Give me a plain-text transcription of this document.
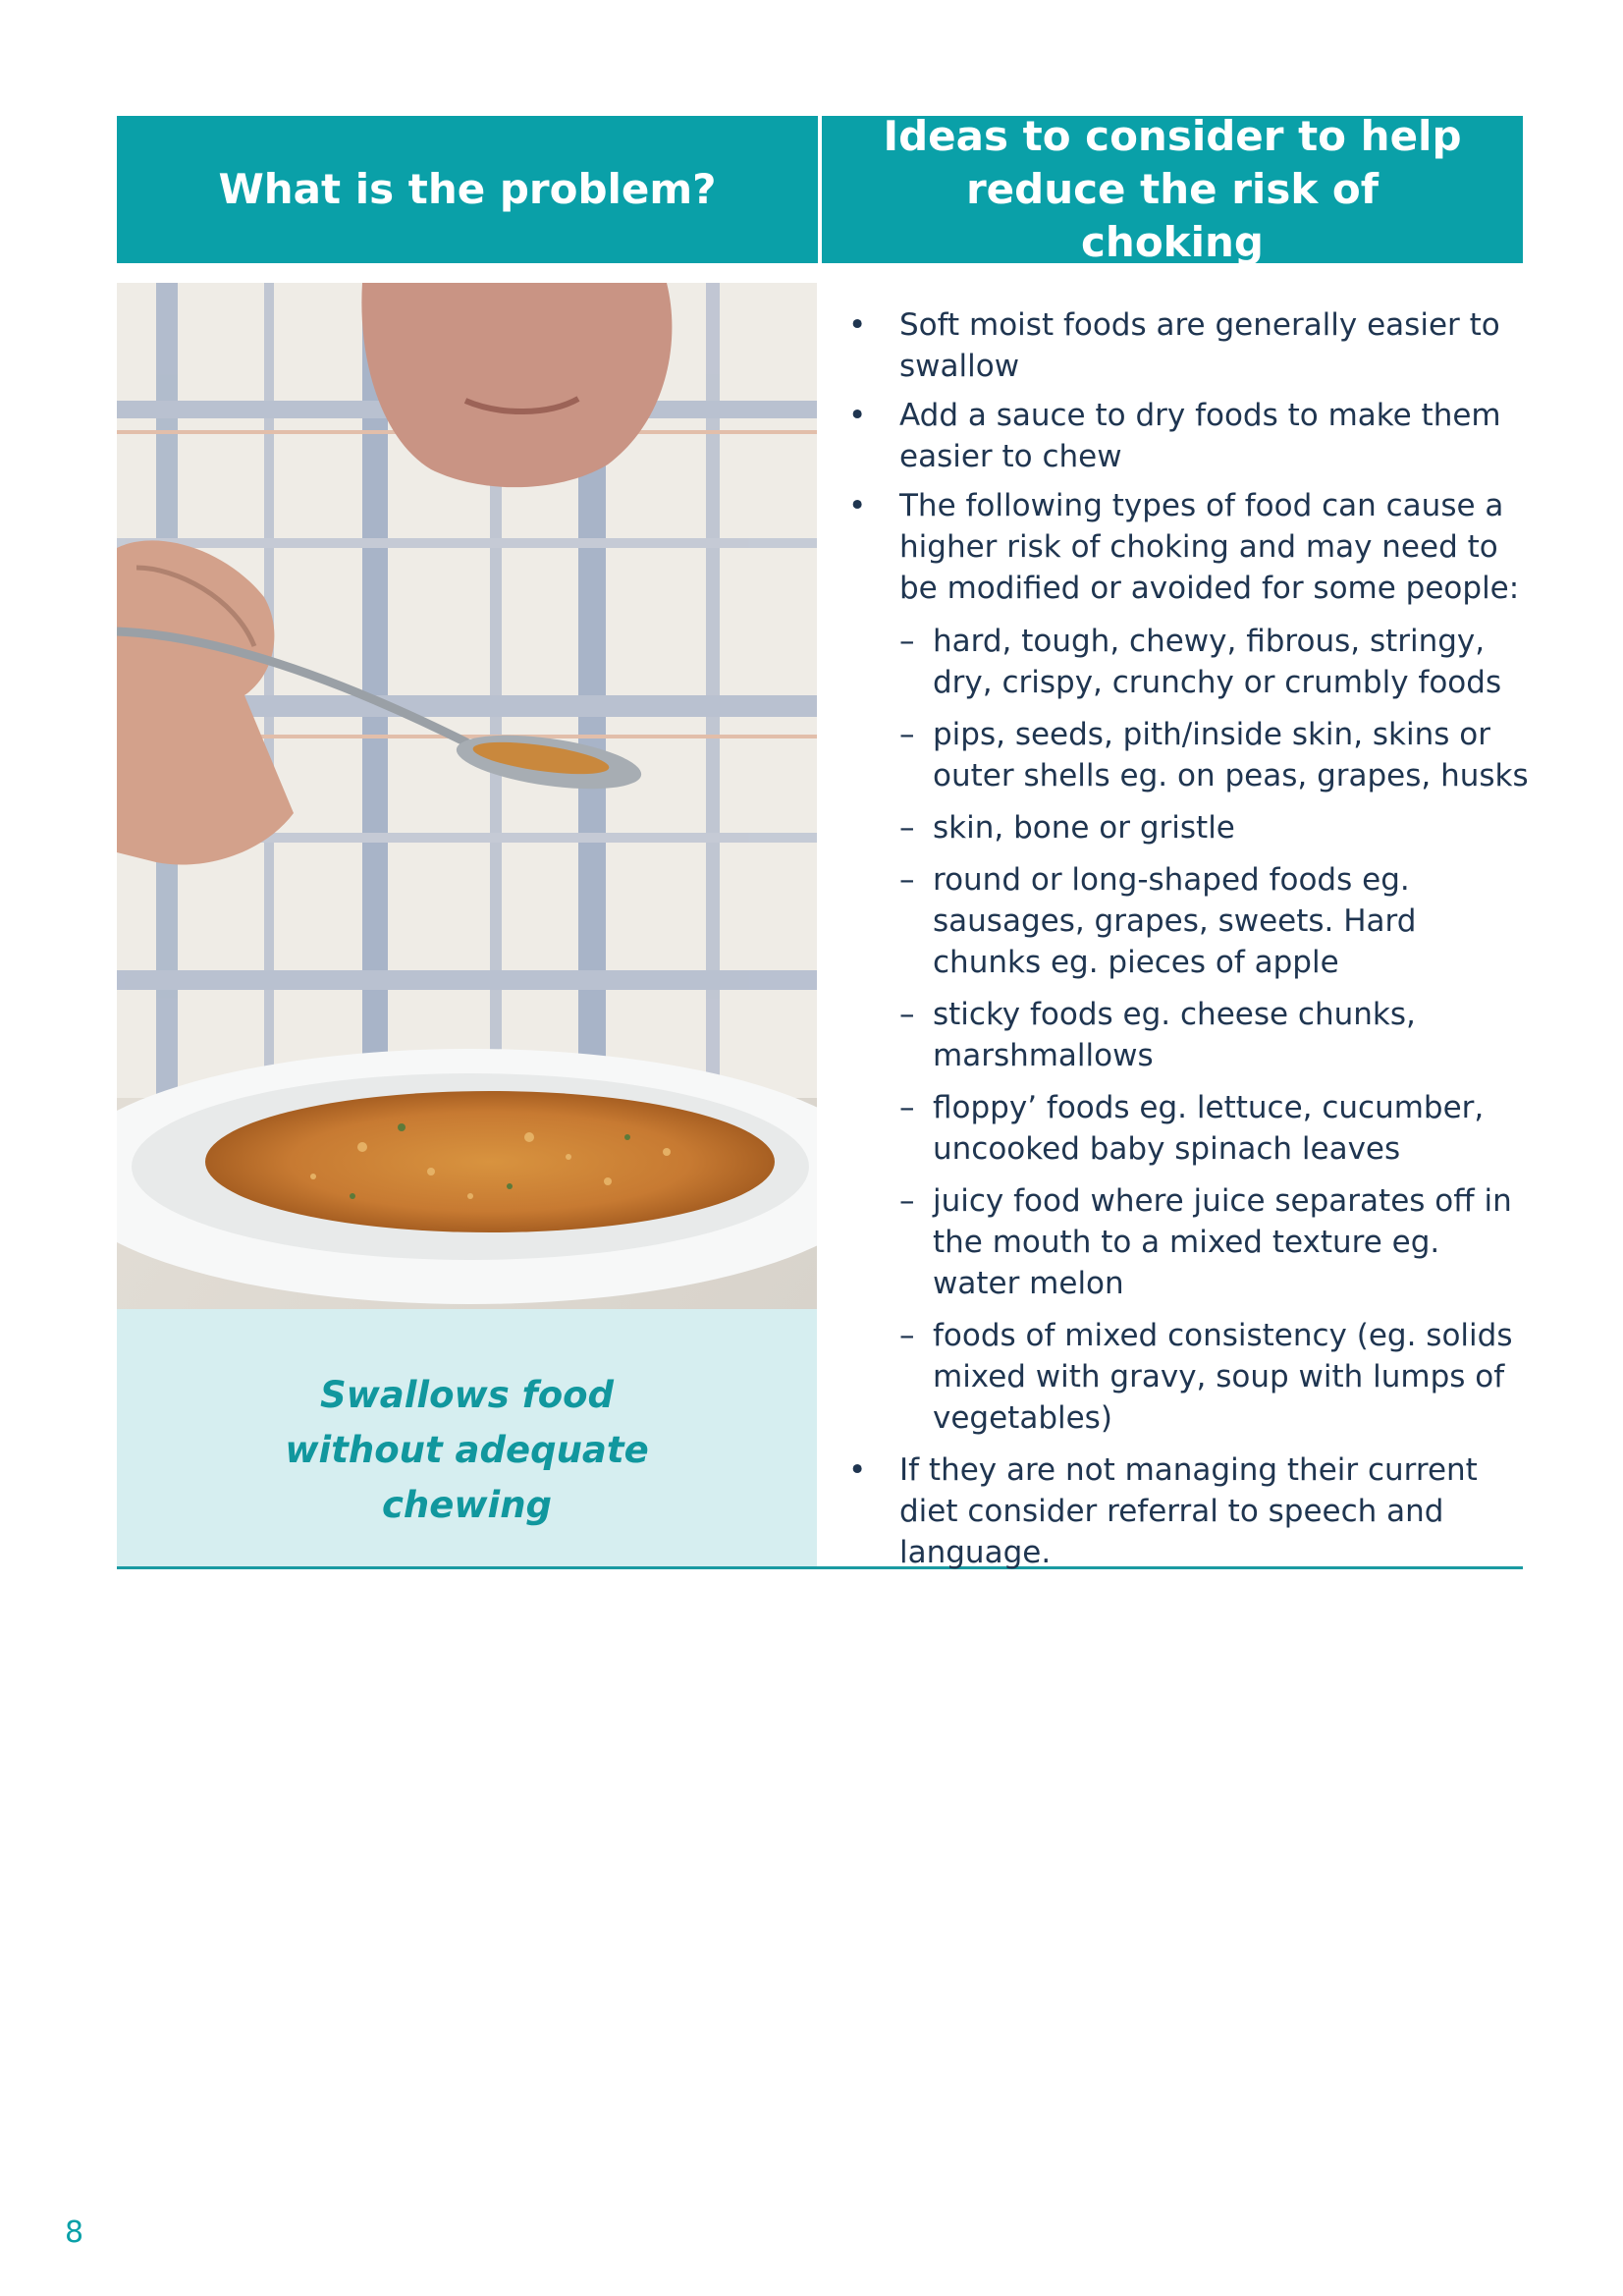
What is the problem?
Ideas to consider to help reduce the risk of choking
Swallows food without adequate chewing
• Soft moist foods are generally easier to swallow
• Add a sauce to dry foods to make them easier to chew
• The following types of food can cause a higher risk of choking and may need to be modified or avoided for some people:
– hard, tough, chewy, fibrous, stringy, dry, crispy, crunchy or crumbly foods
– pips, seeds, pith/inside skin, skins or outer shells eg. on peas, grapes, husks
– skin, bone or gristle
– round or long-shaped foods eg. sausages, grapes, sweets. Hard chunks eg. pieces of apple
– sticky foods eg. cheese chunks, marshmallows
– floppy’ foods eg. lettuce, cucumber, uncooked baby spinach leaves
– juicy food where juice separates off in the mouth to a mixed texture eg. water melon
– foods of mixed consistency (eg. solids mixed with gravy, soup with lumps of vegetables)
• If they are not managing their current diet consider referral to speech and language.
8
